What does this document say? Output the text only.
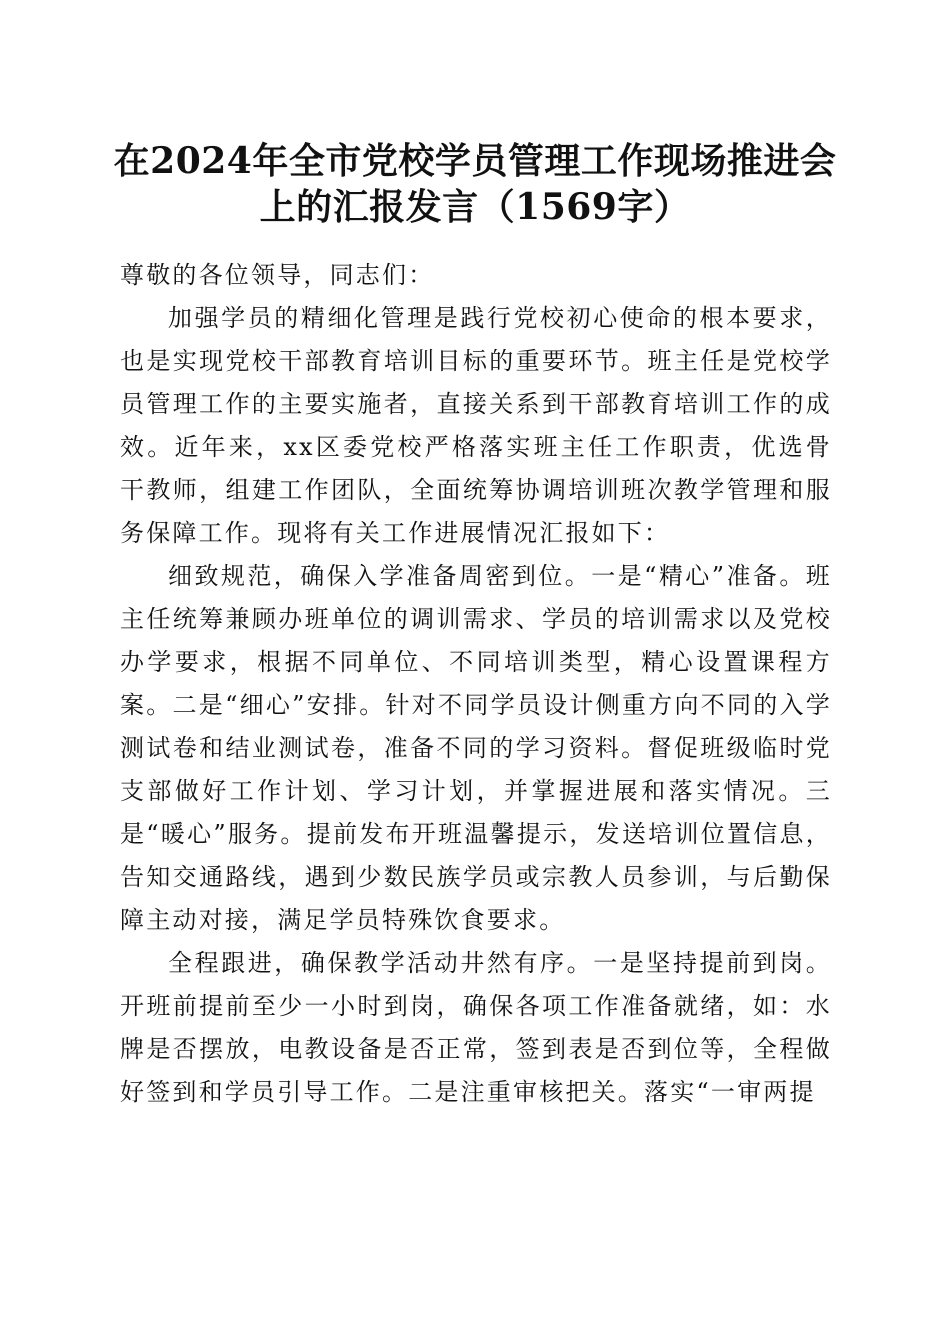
在2024年全市党校学员管理工作现场推进会
上的汇报发言（1569字）

尊敬的各位领导，同志们：

加强学员的精细化管理是践行党校初心使命的根本要求，也是实现党校干部教育培训目标的重要环节。班主任是党校学员管理工作的主要实施者，直接关系到干部教育培训工作的成效。近年来，xx区委党校严格落实班主任工作职责，优选骨干教师，组建工作团队，全面统筹协调培训班次教学管理和服务保障工作。现将有关工作进展情况汇报如下：

细致规范，确保入学准备周密到位。一是“精心”准备。班主任统筹兼顾办班单位的调训需求、学员的培训需求以及党校办学要求，根据不同单位、不同培训类型，精心设置课程方案。二是“细心”安排。针对不同学员设计侧重方向不同的入学测试卷和结业测试卷，准备不同的学习资料。督促班级临时党支部做好工作计划、学习计划，并掌握进展和落实情况。三是“暖心”服务。提前发布开班温馨提示，发送培训位置信息，告知交通路线，遇到少数民族学员或宗教人员参训，与后勤保障主动对接，满足学员特殊饮食要求。

全程跟进，确保教学活动井然有序。一是坚持提前到岗。开班前提前至少一小时到岗，确保各项工作准备就绪，如：水牌是否摆放，电教设备是否正常，签到表是否到位等，全程做好签到和学员引导工作。二是注重审核把关。落实“一审两提
